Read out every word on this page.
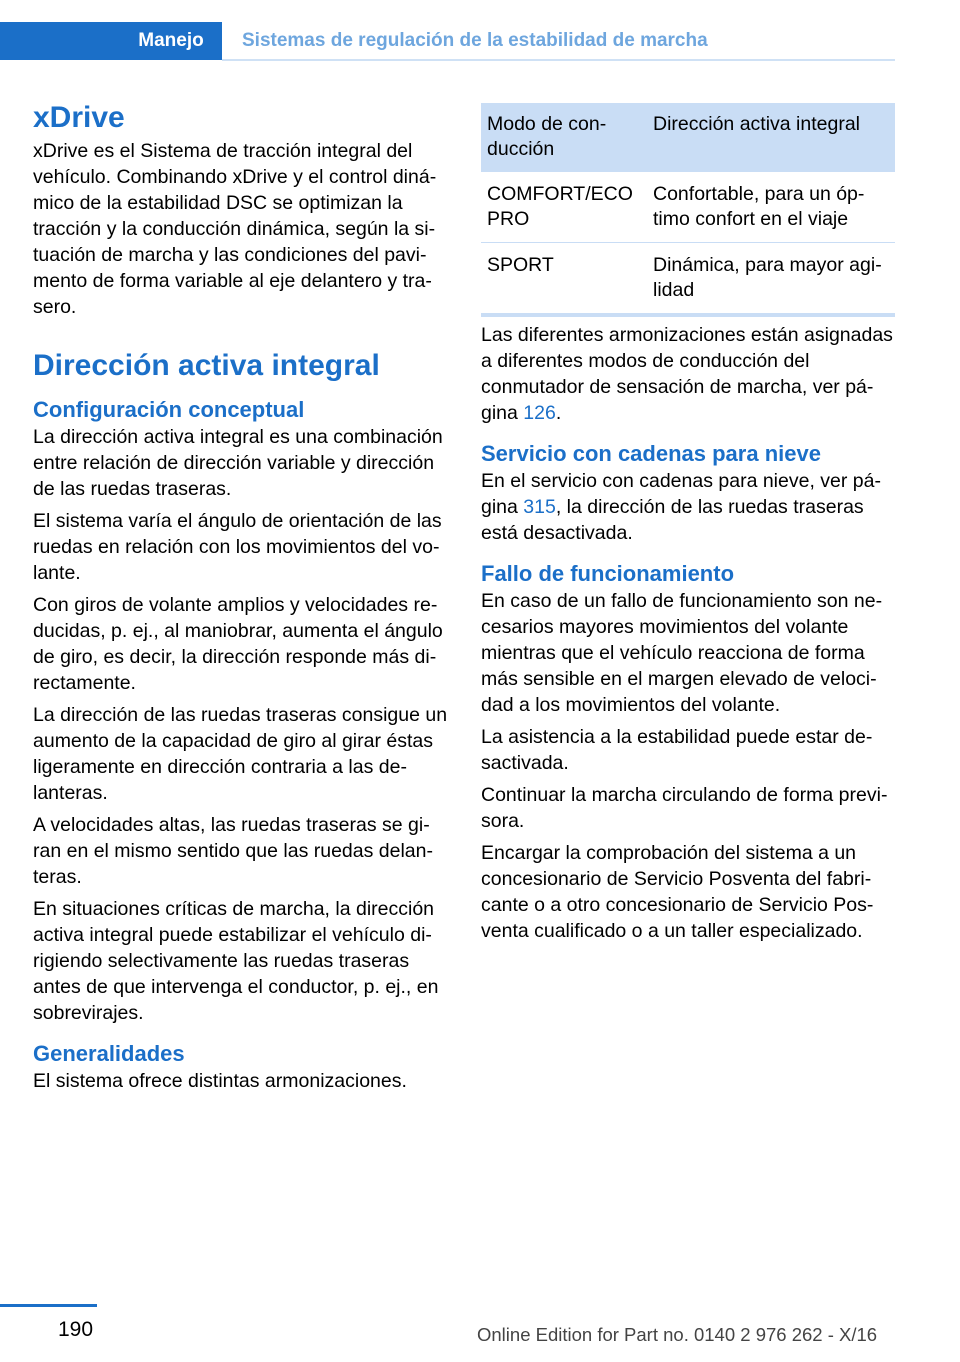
Manejo	Sistemas de regulación de la estabilidad de marcha
xDrive

xDrive es el Sistema de tracción integral del vehículo. Combinando xDrive y el control dinámico de la estabilidad DSC se optimizan la tracción y la conducción dinámica, según la situación de marcha y las condiciones del pavimento de forma variable al eje delantero y trasero.

Dirección activa integral
Configuración conceptual

La dirección activa integral es una combinación entre relación de dirección variable y dirección de las ruedas traseras.

El sistema varía el ángulo de orientación de las ruedas en relación con los movimientos del volante.

Con giros de volante amplios y velocidades reducidas, p. ej., al maniobrar, aumenta el ángulo de giro, es decir, la dirección responde más directamente.

La dirección de las ruedas traseras consigue un aumento de la capacidad de giro al girar éstas ligeramente en dirección contraria a las delanteras.

A velocidades altas, las ruedas traseras se giran en el mismo sentido que las ruedas delanteras.

En situaciones críticas de marcha, la dirección activa integral puede estabilizar el vehículo dirigiendo selectivamente las ruedas traseras antes de que intervenga el conductor, p. ej., en sobrevirajes.

Generalidades

El sistema ofrece distintas armonizaciones.

Modo de conducción	Dirección activa integral
COMFORT/ECO PRO	Confortable, para un óptimo confort en el viaje
SPORT	Dinámica, para mayor agilidad

Las diferentes armonizaciones están asignadas a diferentes modos de conducción del conmutador de sensación de marcha, ver página 126.

Servicio con cadenas para nieve

En el servicio con cadenas para nieve, ver página 315, la dirección de las ruedas traseras está desactivada.

Fallo de funcionamiento

En caso de un fallo de funcionamiento son necesarios mayores movimientos del volante mientras que el vehículo reacciona de forma más sensible en el margen elevado de velocidad a los movimientos del volante.

La asistencia a la estabilidad puede estar desactivada.

Continuar la marcha circulando de forma previsora.

Encargar la comprobación del sistema a un concesionario de Servicio Posventa del fabricante o a otro concesionario de Servicio Posventa cualificado o a un taller especializado.

190	Online Edition for Part no. 0140 2 976 262 - X/16
